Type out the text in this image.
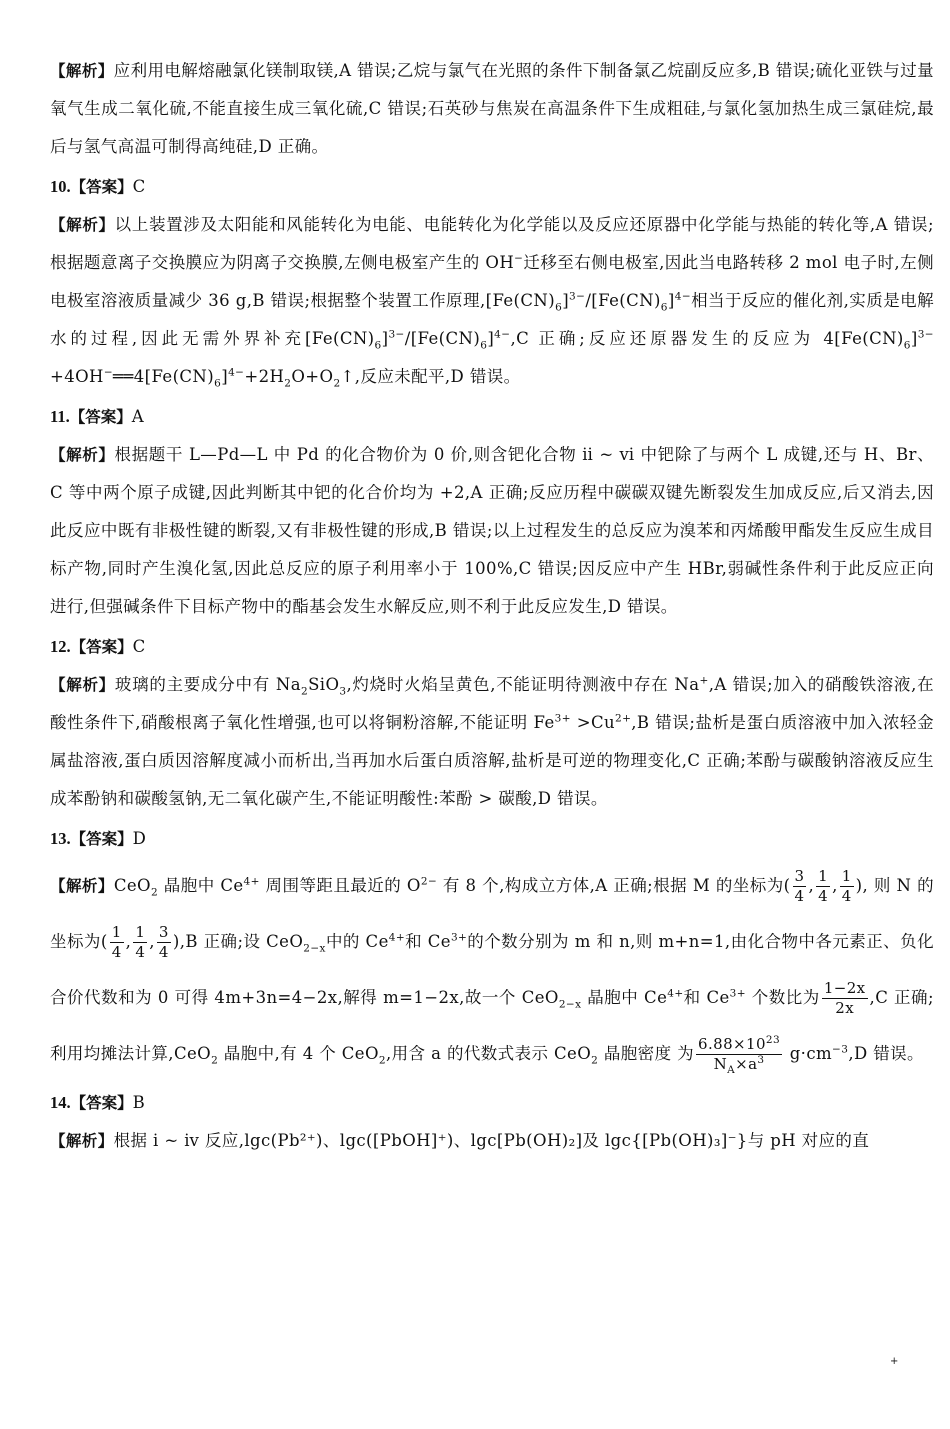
【解析】应利用电解熔融氯化镁制取镁,A 错误;乙烷与氯气在光照的条件下制备氯乙烷副反应多,B 错误;硫化亚铁与过量氧气生成二氧化硫,不能直接生成三氧化硫,C 错误;石英砂与焦炭在高温条件下生成粗硅,与氯化氢加热生成三氯硅烷,最后与氢气高温可制得高纯硅,D 正确。

10.【答案】C

【解析】以上装置涉及太阳能和风能转化为电能、电能转化为化学能以及反应还原器中化学能与热能的转化等,A 错误;根据题意离子交换膜应为阴离子交换膜,左侧电极室产生的 OH−迁移至右侧电极室,因此当电路转移 2 mol 电子时,左侧电极室溶液质量减少 36 g,B 错误;根据整个装置工作原理$,[Fe(CN)_6]^{3-}/[Fe(CN)_6]^{4-}$相当于反应的催化剂,实质是电解水的过程,因此无需外界补充$[Fe(CN)_6]^{3-}/[Fe(CN)_6]^{4-},C$ 正确;反应还原器发生的反应为 $4[Fe(CN)_6]^{3-}+4OH^-══4[Fe(CN)_6]^{4-}+2H_2O+O_2↑$,反应未配平,D 错误。

11.【答案】A

【解析】根据题干 L—Pd—L 中 Pd 的化合物价为 0 价,则含钯化合物 ⅱ ~ ⅵ 中钯除了与两个 L 成键,还与 H、Br、C 等中两个原子成键,因此判断其中钯的化合价均为 +2,A 正确;反应历程中碳碳双键先断裂发生加成反应,后又消去,因此反应中既有非极性键的断裂,又有非极性键的形成,B 错误;以上过程发生的总反应为溴苯和丙烯酸甲酯发生反应生成目标产物,同时产生溴化氢,因此总反应的原子利用率小于 100%,C 错误;因反应中产生 HBr,弱碱性条件利于此反应正向进行,但强碱条件下目标产物中的酯基会发生水解反应,则不利于此反应发生,D 错误。

12.【答案】C

【解析】玻璃的主要成分中有 $Na_2SiO_3$,灼烧时火焰呈黄色,不能证明待测液中存在 Na+,A 错误;加入的硝酸铁溶液,在酸性条件下,硝酸根离子氧化性增强,也可以将铜粉溶解,不能证明 $Fe^{3+} >Cu^{2+},B$ 错误;盐析是蛋白质溶液中加入浓轻金属盐溶液,蛋白质因溶解度减小而析出,当再加水后蛋白质溶解,盐析是可逆的物理变化,C 正确;苯酚与碳酸钠溶液反应生成苯酚钠和碳酸氢钠,无二氧化碳产生,不能证明酸性:苯酚 > 碳酸,D 错误。

13.【答案】D

【解析】CeO$_2$ 晶胞中 $Ce^{4+}$ 周围等距且最近的 $O^{2-}$ 有 8 个,构成立方体,A 正确;根据 M 的坐标为( $\frac{3}{4}$ , $\frac{1}{4}$ , $\frac{1}{4}$ ), 则 N 的坐标为( $\frac{1}{4}$ , $\frac{1}{4}$ , $\frac{3}{4} ),B$ 正确;设 CeO$_{2-x}$中的 $Ce^{4+}$和 $Ce^{3+}$的个数分别为 m 和 n,则 m+n=1,由化合物中各元素正、负化合价代数和为 0 可得 4m+3n=4−2x,解得 m=1−2x,故一个 CeO$_{2-x}$ 晶胞中 $Ce^{4+}$和 $Ce^{3+}$ 个数比为 $\frac{1-2x}{2x} ,C$ 正确;利用均摊法计算,CeO$_2$ 晶胞中,有 4 个 CeO$_2$,用含 a 的代数式表示 CeO$_2$ 晶胞密度 为 $\frac{6.88\times 10^{23}}{N_A\times a^3} g\cdot cm^{-3},D$ 错误。

14.【答案】B

【解析】根据 ⅰ ~ ⅳ 反应,lgc(Pb²⁺)、lgc([PbOH]⁺)、lgc[Pb(OH)₂]及 lgc{[Pb(OH)₃]⁻}与 pH 对应的直

+
